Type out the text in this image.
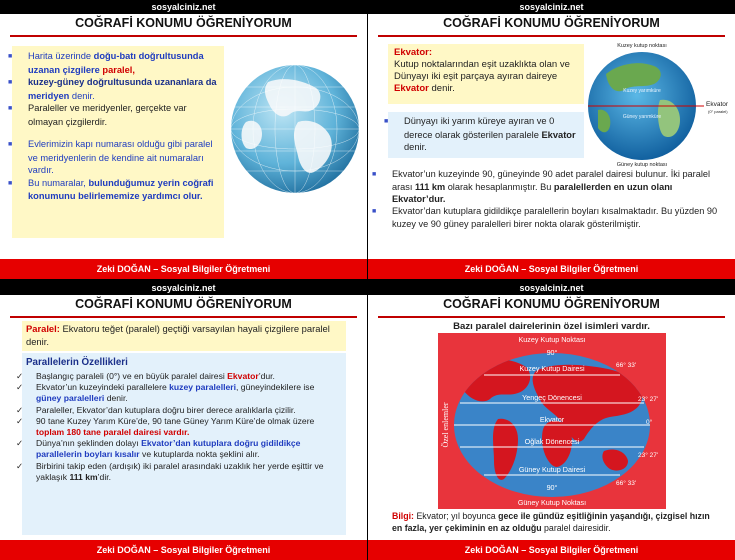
sosyalciniz.net
COĞRAFİ KONUMU ÖĞRENİYORUM
■ Harita üzerinde doğu-batı doğrultusunda uzanan çizgilere paralel,
■ kuzey-güney doğrultusunda uzananlara da meridyen denir.
■ Paraleller ve meridyenler, gerçekte var olmayan çizgilerdir.
■ Evlerimizin kapı numarası olduğu gibi paralel ve meridyenlerin de kendine ait numaraları vardır.
■ Bu numaralar, bulunduğumuz yerin coğrafi konumunu belirlememize yardımcı olur.
Zeki DOĞAN – Sosyal Bilgiler Öğretmeni
sosyalciniz.net
COĞRAFİ KONUMU ÖĞRENİYORUM
Ekvator:
Kutup noktalarından eşit uzaklıkta olan ve Dünyayı iki eşit parçaya ayıran daireye Ekvator denir.
■ Dünyayı iki yarım küreye ayıran ve 0 derece olarak gösterilen paralele Ekvator denir.
Kuzey kutup noktası
Kuzey yarımküre
Güney yarımküre
Ekvator
(0° paralel)
Güney kutup noktası
■ Ekvator’un kuzeyinde 90, güneyinde 90 adet paralel dairesi bulunur. İki paralel arası 111 km olarak hesaplanmıştır. Bu paralellerden en uzun olanı Ekvator’dur.
■ Ekvator’dan kutuplara gidildikçe paralellerin boyları kısalmaktadır. Bu yüzden 90 kuzey ve 90 güney paralelleri birer nokta olarak gösterilmiştir.
Zeki DOĞAN – Sosyal Bilgiler Öğretmeni
sosyalciniz.net
COĞRAFİ KONUMU ÖĞRENİYORUM
Paralel: Ekvatoru teğet (paralel) geçtiği varsayılan hayali çizgilere paralel denir.
Parallelerin Özellikleri
✓ Başlangıç paraleli (0°) ve en büyük paralel dairesi Ekvator’dur.
✓ Ekvator’un kuzeyindeki parallelere kuzey paralelleri, güneyindekilere ise güney paralelleri denir.
✓ Paraleller, Ekvator’dan kutuplara doğru birer derece aralıklarla çizilir.
✓ 90 tane Kuzey Yarım Küre’de, 90 tane Güney Yarım Küre’de olmak üzere toplam 180 tane paralel dairesi vardır.
✓ Dünya’nın şeklinden dolayı Ekvator’dan kutuplara doğru gidildikçe parallelerin boyları kısalır ve kutuplarda nokta şeklini alır.
✓ Birbirini takip eden (ardışık) iki paralel arasındaki uzaklık her yerde eşittir ve yaklaşık 111 km’dir.
Zeki DOĞAN – Sosyal Bilgiler Öğretmeni
sosyalciniz.net
COĞRAFİ KONUMU ÖĞRENİYORUM
Bazı paralel dairelerinin özel isimleri vardır.
Kuzey Kutup Noktası
90°
Kuzey Kutup Dairesi
Yengeç Dönencesi
Ekvator
Oğlak Dönencesi
Güney Kutup Dairesi
90°
Güney Kutup Noktası
66° 33'
23° 27'
0°
23° 27'
66° 33'
Özel enlemler
Bilgi: Ekvator; yıl boyunca gece ile gündüz eşitliğinin yaşandığı, çizgisel hızın en fazla, yer çekiminin en az olduğu paralel dairesidir.
Zeki DOĞAN – Sosyal Bilgiler Öğretmeni
